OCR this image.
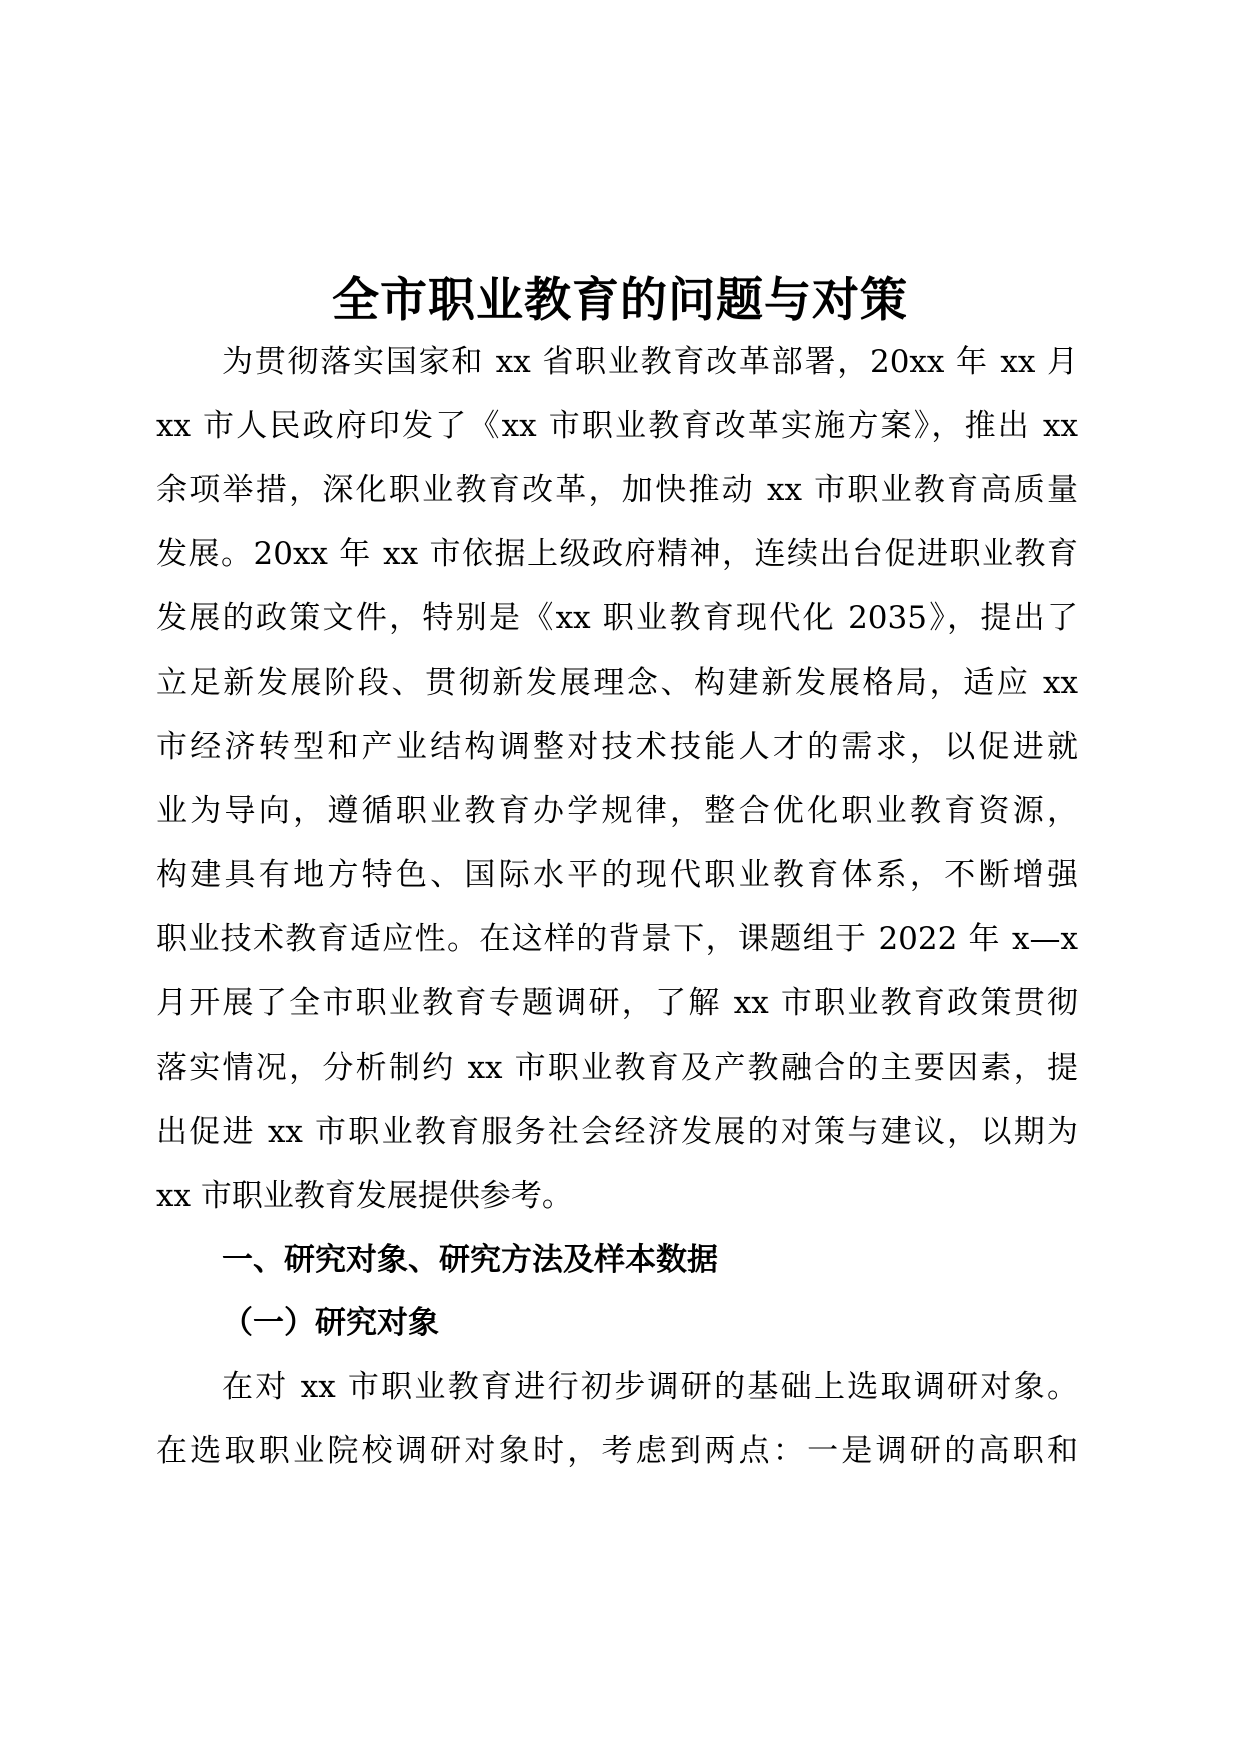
全市职业教育的问题与对策

为贯彻落实国家和 xx 省职业教育改革部署，20xx 年 xx 月

xx 市人民政府印发了《xx 市职业教育改革实施方案》，推出 xx

余项举措，深化职业教育改革，加快推动 xx 市职业教育高质量

发展。20xx 年 xx 市依据上级政府精神，连续出台促进职业教育

发展的政策文件，特别是《xx 职业教育现代化 2035》，提出了

立足新发展阶段、贯彻新发展理念、构建新发展格局，适应 xx

市经济转型和产业结构调整对技术技能人才的需求，以促进就

业为导向，遵循职业教育办学规律，整合优化职业教育资源，

构建具有地方特色、国际水平的现代职业教育体系，不断增强

职业技术教育适应性。在这样的背景下，课题组于 2022 年 x—x

月开展了全市职业教育专题调研，了解 xx 市职业教育政策贯彻

落实情况，分析制约 xx 市职业教育及产教融合的主要因素，提

出促进 xx 市职业教育服务社会经济发展的对策与建议，以期为

xx 市职业教育发展提供参考。

一、研究对象、研究方法及样本数据
（一）研究对象

在对 xx 市职业教育进行初步调研的基础上选取调研对象。

在选取职业院校调研对象时，考虑到两点：一是调研的高职和
